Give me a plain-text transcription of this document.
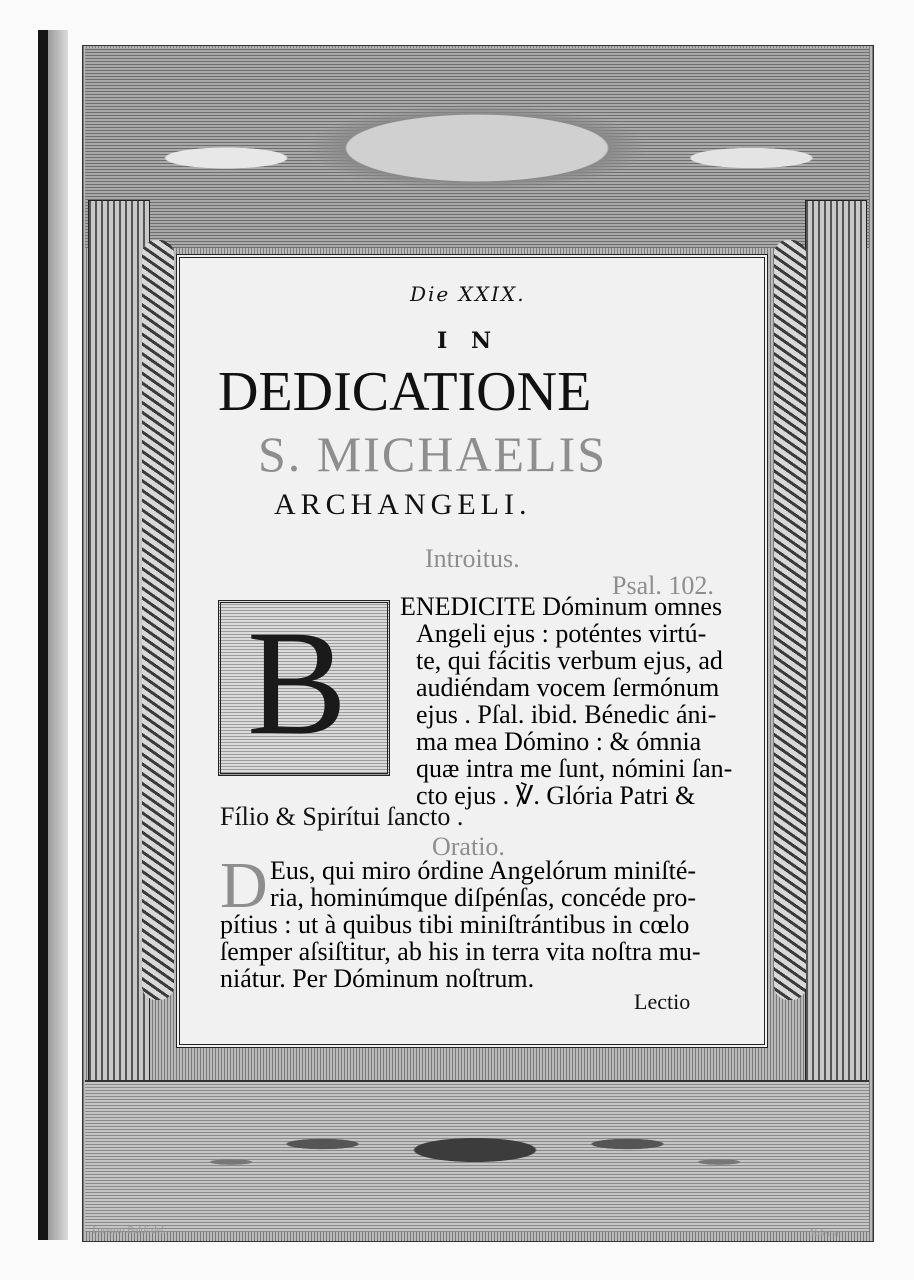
Die XXIX.
I N
DEDICATIONE
S. MICHAELIS
ARCHANGELI.
Introitus.
Psal. 102.
B ENEDICITE Dóminum omnes
Angeli ejus : poténtes virtú-
te, qui fácitis verbum ejus, ad
audiéndam vocem ſermónum
ejus . Pſal. ibid. Bénedic áni-
ma mea Dómino : & ómnia
quæ intra me ſunt, nómini ſan-
cto ejus . ℣. Glória Patri &
Fílio & Spirítui ſancto .
Oratio.
D Eus, qui miro órdine Angelórum miniſté-
ria, hominúmque diſpénſas, concéde pro-
pítius : ut à quibus tibi miniſtrántibus in cœlo
ſemper aſsiſtitur, ab his in terra vita noſtra mu-
niátur. Per Dóminum noſtrum.
Lectio
Lorenzo Baldi del.	Valet sc.
